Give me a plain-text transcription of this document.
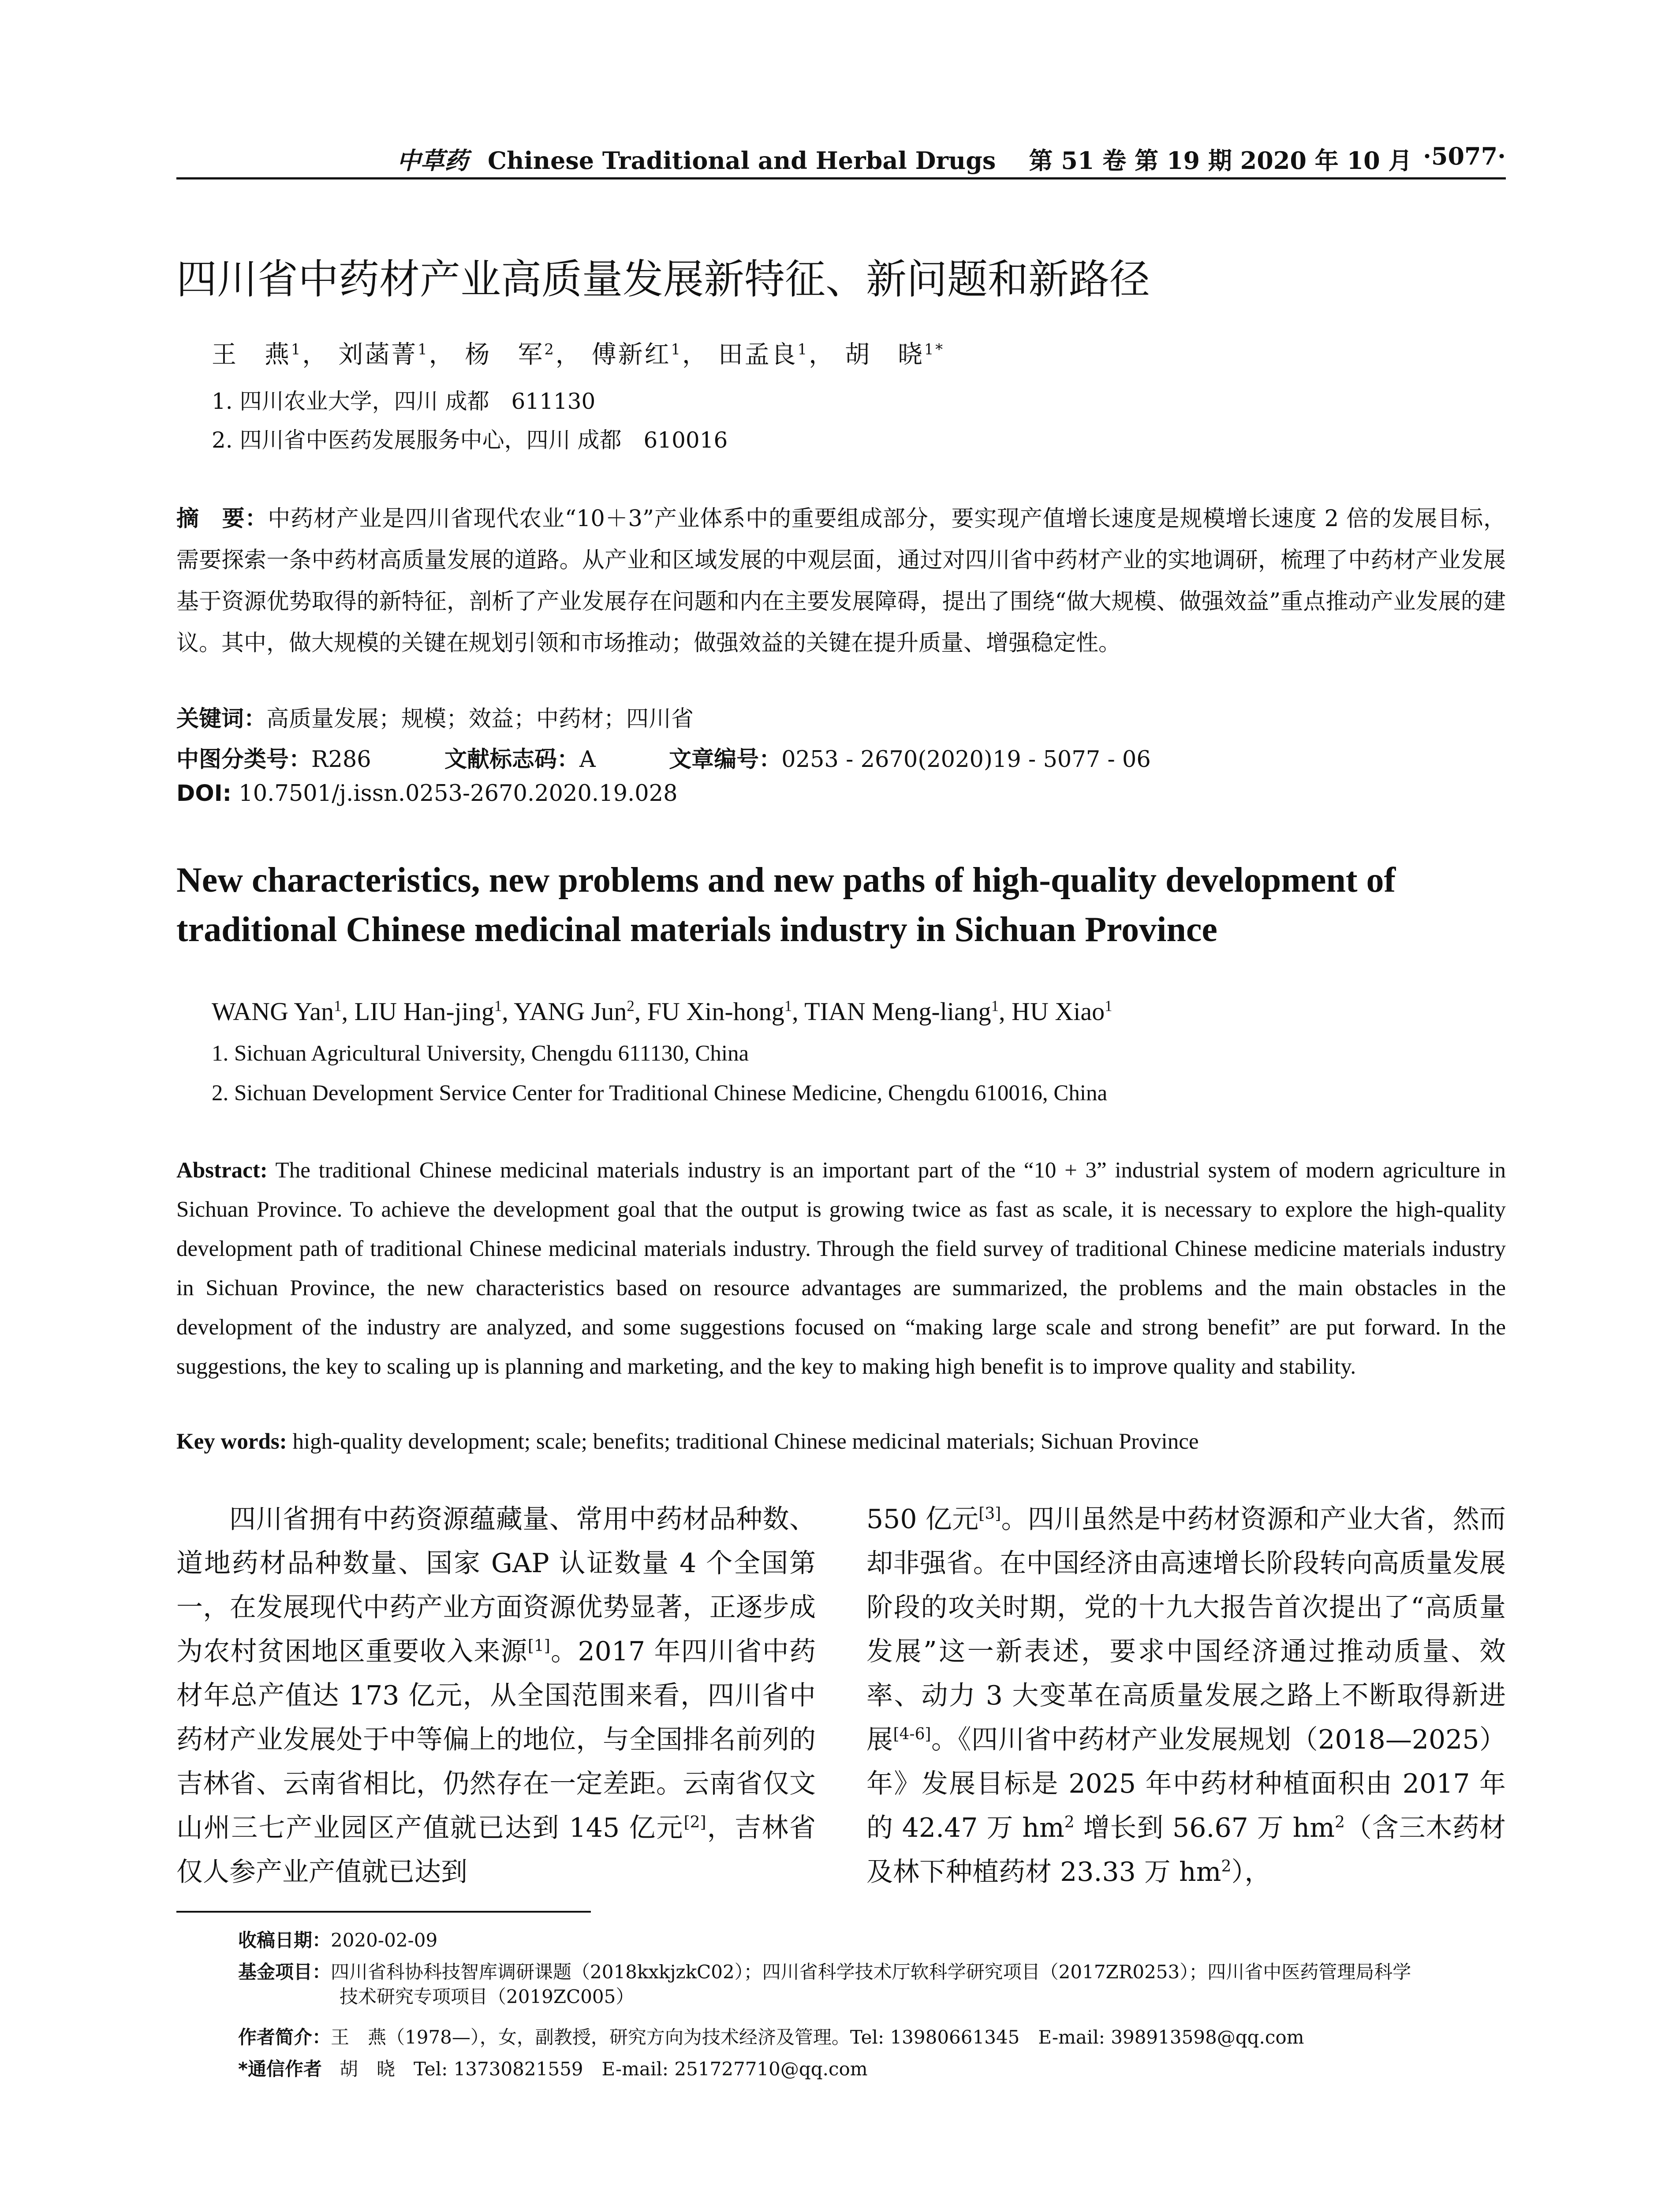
中草药 Chinese Traditional and Herbal Drugs 第 51 卷 第 19 期 2020 年 10 月 ·5077·
四川省中药材产业高质量发展新特征、新问题和新路径
王　燕$^1$， 刘菡菁$^1$， 杨　军$^2$， 傅新红$^1$， 田孟良$^1$， 胡　晓$^{1*}$
1. 四川农业大学，四川 成都　611130
2. 四川省中医药发展服务中心，四川 成都　610016
摘　要：中药材产业是四川省现代农业“10＋3”产业体系中的重要组成部分，要实现产值增长速度是规模增长速度 2 倍的发展目标，需要探索一条中药材高质量发展的道路。从产业和区域发展的中观层面，通过对四川省中药材产业的实地调研，梳理了中药材产业发展基于资源优势取得的新特征，剖析了产业发展存在问题和内在主要发展障碍，提出了围绕“做大规模、做强效益”重点推动产业发展的建议。其中，做大规模的关键在规划引领和市场推动；做强效益的关键在提升质量、增强稳定性。
关键词：高质量发展；规模；效益；中药材；四川省
中图分类号：R286	文献标志码：A	文章编号：0253 - 2670(2020)19 - 5077 - 06
DOI: 10.7501/j.issn.0253-2670.2020.19.028
New characteristics, new problems and new paths of high-quality development of traditional Chinese medicinal materials industry in Sichuan Province
WANG Yan$^1$, LIU Han-jing$^1$, YANG Jun$^2$, FU Xin-hong$^1$, TIAN Meng-liang$^1$, HU Xiao$^1$
1. Sichuan Agricultural University, Chengdu 611130, China
2. Sichuan Development Service Center for Traditional Chinese Medicine, Chengdu 610016, China
Abstract: The traditional Chinese medicinal materials industry is an important part of the “10 + 3” industrial system of modern agriculture in Sichuan Province. To achieve the development goal that the output is growing twice as fast as scale, it is necessary to explore the high-quality development path of traditional Chinese medicinal materials industry. Through the field survey of traditional Chinese medicine materials industry in Sichuan Province, the new characteristics based on resource advantages are summarized, the problems and the main obstacles in the development of the industry are analyzed, and some suggestions focused on “making large scale and strong benefit” are put forward. In the suggestions, the key to scaling up is planning and marketing, and the key to making high benefit is to improve quality and stability.
Key words: high-quality development; scale; benefits; traditional Chinese medicinal materials; Sichuan Province
四川省拥有中药资源蕴藏量、常用中药材品种数、道地药材品种数量、国家 GAP 认证数量 4 个全国第一，在发展现代中药产业方面资源优势显著，正逐步成为农村贫困地区重要收入来源[1]。2017 年四川省中药材年总产值达 173 亿元，从全国范围来看，四川省中药材产业发展处于中等偏上的地位，与全国排名前列的吉林省、云南省相比，仍然存在一定差距。云南省仅文山州三七产业园区产值就已达到 145 亿元[2]，吉林省仅人参产业产值就已达到
550 亿元[3]。四川虽然是中药材资源和产业大省，然而却非强省。在中国经济由高速增长阶段转向高质量发展阶段的攻关时期，党的十九大报告首次提出了“高质量发展”这一新表述，要求中国经济通过推动质量、效率、动力 3 大变革在高质量发展之路上不断取得新进展[4-6]。《四川省中药材产业发展规划（2018—2025）年》发展目标是 2025 年中药材种植面积由 2017 年的 42.47 万 $hm^2$ 增长到 56.67 万 $hm^2$（含三木药材及林下种植药材 23.33 万 $hm^2$），
收稿日期：2020-02-09
基金项目：四川省科协科技智库调研课题（2018kxkjzkC02）；四川省科学技术厅软科学研究项目（2017ZR0253）；四川省中医药管理局科学
技术研究专项项目（2019ZC005）
作者简介：王　燕（1978—），女，副教授，研究方向为技术经济及管理。Tel: 13980661345　E-mail: 398913598@qq.com
*通信作者 胡　晓　Tel: 13730821559　E-mail: 251727710@qq.com
